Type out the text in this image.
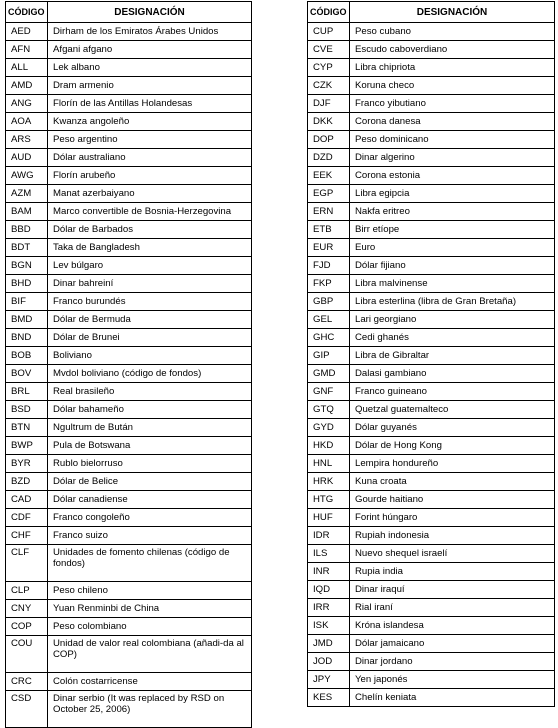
CÓDIGO	DESIGNACIÓN
AED	Dirham de los Emiratos Árabes Unidos
AFN	Afgani afgano
ALL	Lek albano
AMD	Dram armenio
ANG	Florín de las Antillas Holandesas
AOA	Kwanza angoleño
ARS	Peso argentino
AUD	Dólar australiano
AWG	Florín arubeño
AZM	Manat azerbaiyano
BAM	Marco convertible de Bosnia-Herzegovina
BBD	Dólar de Barbados
BDT	Taka de Bangladesh
BGN	Lev búlgaro
BHD	Dinar bahreiní
BIF	Franco burundés
BMD	Dólar de Bermuda
BND	Dólar de Brunei
BOB	Boliviano
BOV	Mvdol boliviano (código de fondos)
BRL	Real brasileño
BSD	Dólar bahameño
BTN	Ngultrum de Bután
BWP	Pula de Botswana
BYR	Rublo bielorruso
BZD	Dólar de Belice
CAD	Dólar canadiense
CDF	Franco congoleño
CHF	Franco suizo
CLF	Unidades de fomento chilenas (código de fondos)
CLP	Peso chileno
CNY	Yuan Renminbi de China
COP	Peso colombiano
COU	Unidad de valor real colombiana (añadi-da al COP)
CRC	Colón costarricense
CSD	Dinar serbio (It was replaced by RSD on October 25, 2006)
CÓDIGO	DESIGNACIÓN
CUP	Peso cubano
CVE	Escudo caboverdiano
CYP	Libra chipriota
CZK	Koruna checo
DJF	Franco yibutiano
DKK	Corona danesa
DOP	Peso dominicano
DZD	Dinar algerino
EEK	Corona estonia
EGP	Libra egipcia
ERN	Nakfa eritreo
ETB	Birr etíope
EUR	Euro
FJD	Dólar fijiano
FKP	Libra malvinense
GBP	Libra esterlina (libra de Gran Bretaña)
GEL	Lari georgiano
GHC	Cedi ghanés
GIP	Libra de Gibraltar
GMD	Dalasi gambiano
GNF	Franco guineano
GTQ	Quetzal guatemalteco
GYD	Dólar guyanés
HKD	Dólar de Hong Kong
HNL	Lempira hondureño
HRK	Kuna croata
HTG	Gourde haitiano
HUF	Forint húngaro
IDR	Rupiah indonesia
ILS	Nuevo shequel israelí
INR	Rupia india
IQD	Dinar iraquí
IRR	Rial iraní
ISK	Króna islandesa
JMD	Dólar jamaicano
JOD	Dinar jordano
JPY	Yen japonés
KES	Chelín keniata
